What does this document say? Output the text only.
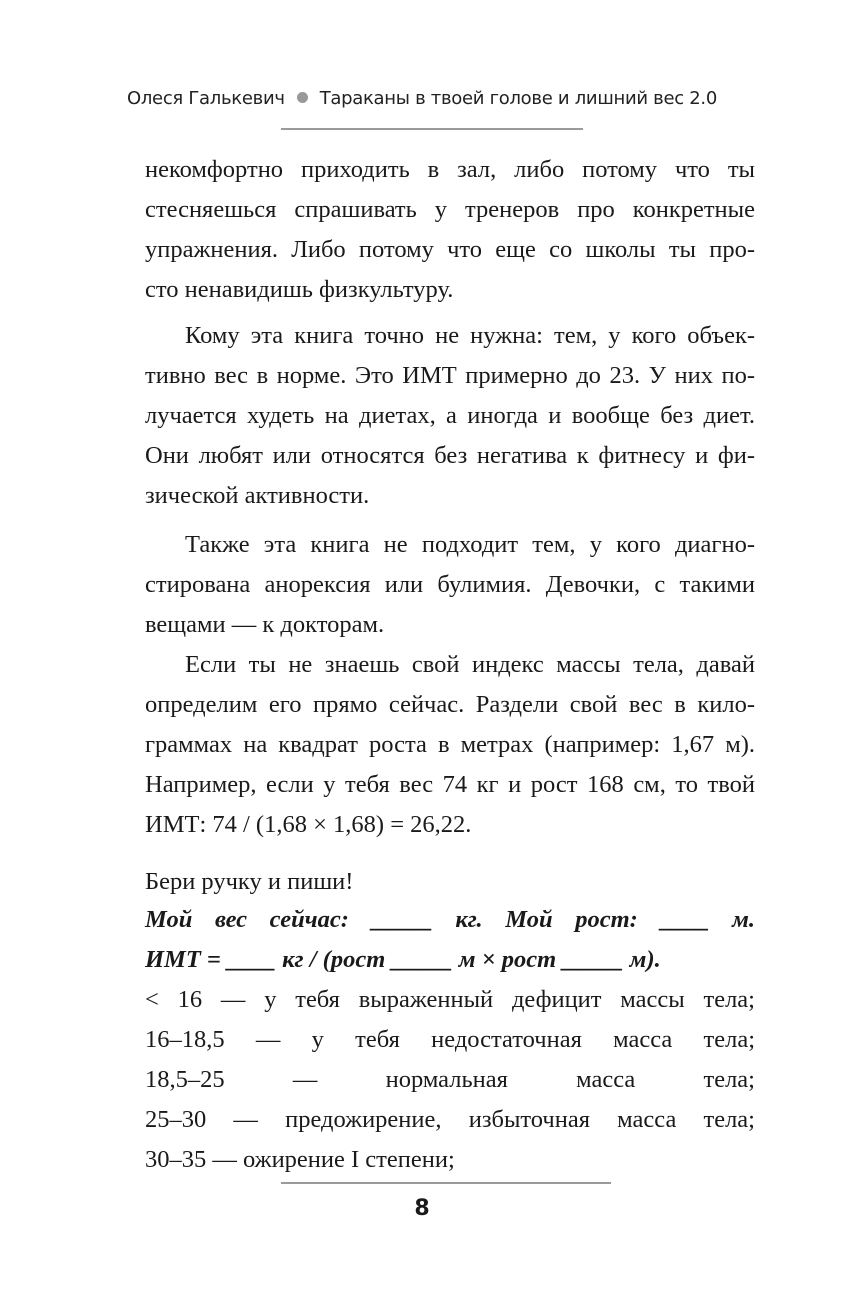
Олеся Галькевич Тараканы в твоей голове и лишний вес 2.0
некомфортно приходить в зал, либо потому что ты
стесняешься спрашивать у тренеров про конкретные
упражнения. Либо потому что еще со школы ты про-
сто ненавидишь физкультуру.
Кому эта книга точно не нужна: тем, у кого объек-
тивно вес в норме. Это ИМТ примерно до 23. У них по-
лучается худеть на диетах, а иногда и вообще без диет.
Они любят или относятся без негатива к фитнесу и фи-
зической активности.
Также эта книга не подходит тем, у кого диагно-
стирована анорексия или булимия. Девочки, с такими
вещами — к докторам.
Если ты не знаешь свой индекс массы тела, давай
определим его прямо сейчас. Раздели свой вес в кило-
граммах на квадрат роста в метрах (например: 1,67 м).
Например, если у тебя вес 74 кг и рост 168 см, то твой
ИМТ: 74 / (1,68 × 1,68) = 26,22.
Бери ручку и пиши!
Мой вес сейчас: _____ кг. Мой рост: ____ м.
ИМТ = ____ кг / (рост _____ м × рост _____ м).
< 16 — у тебя выраженный дефицит массы тела;
16–18,5 — у тебя недостаточная масса тела;
18,5–25 — нормальная масса тела;
25–30 — предожирение, избыточная масса тела;
30–35 — ожирение I степени;
8
